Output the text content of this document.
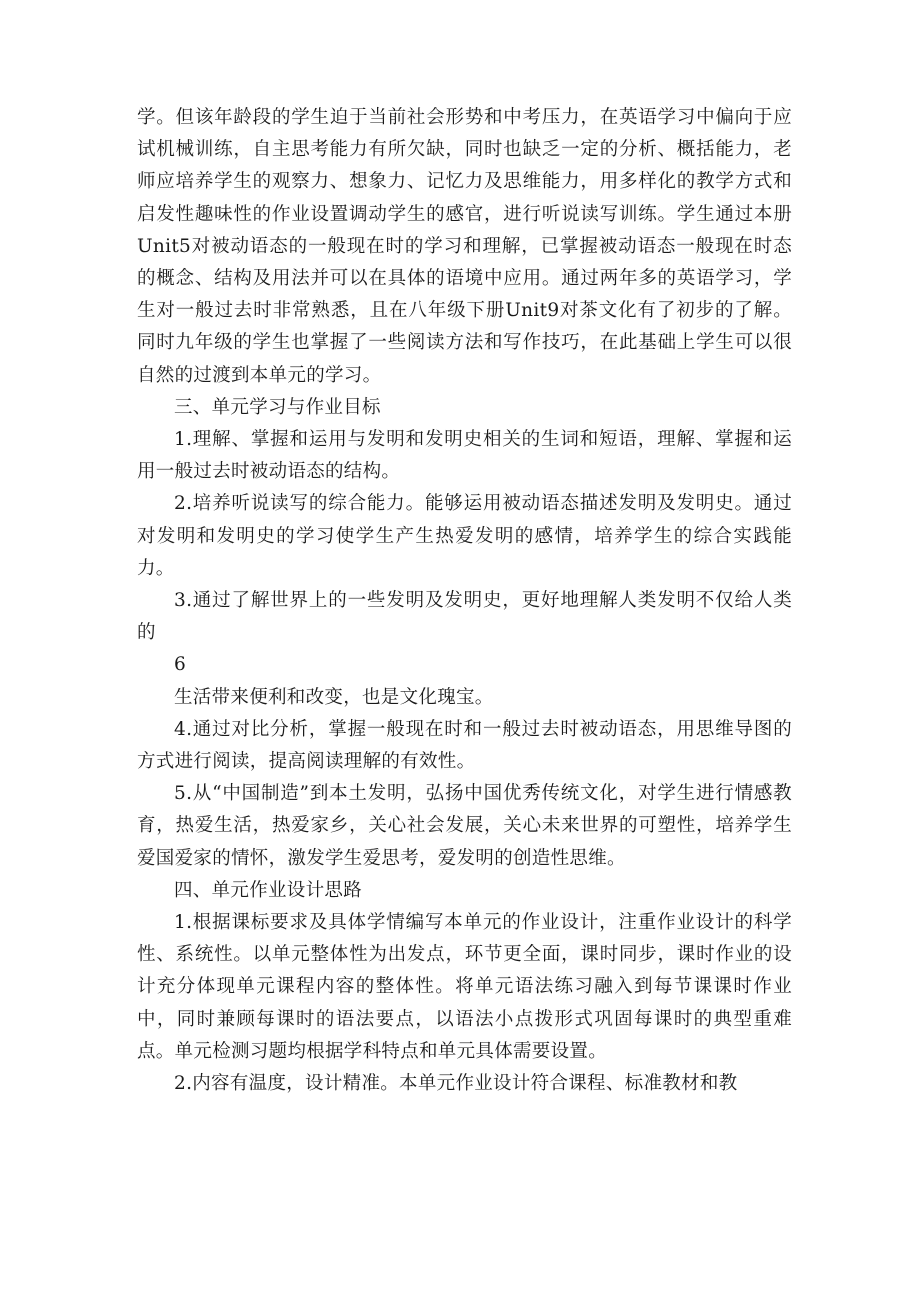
学。但该年龄段的学生迫于当前社会形势和中考压力，在英语学习中偏向于应试机械训练，自主思考能力有所欠缺，同时也缺乏一定的分析、概括能力，老师应培养学生的观察力、想象力、记忆力及思维能力，用多样化的教学方式和启发性趣味性的作业设置调动学生的感官，进行听说读写训练。学生通过本册Unit5对被动语态的一般现在时的学习和理解，已掌握被动语态一般现在时态的概念、结构及用法并可以在具体的语境中应用。通过两年多的英语学习，学生对一般过去时非常熟悉，且在八年级下册Unit9对茶文化有了初步的了解。同时九年级的学生也掌握了一些阅读方法和写作技巧，在此基础上学生可以很自然的过渡到本单元的学习。

三、单元学习与作业目标

1.理解、掌握和运用与发明和发明史相关的生词和短语，理解、掌握和运用一般过去时被动语态的结构。

2.培养听说读写的综合能力。能够运用被动语态描述发明及发明史。通过对发明和发明史的学习使学生产生热爱发明的感情，培养学生的综合实践能力。

3.通过了解世界上的一些发明及发明史，更好地理解人类发明不仅给人类的

6

生活带来便利和改变，也是文化瑰宝。

4.通过对比分析，掌握一般现在时和一般过去时被动语态，用思维导图的方式进行阅读，提高阅读理解的有效性。

5.从“中国制造”到本土发明，弘扬中国优秀传统文化，对学生进行情感教育，热爱生活，热爱家乡，关心社会发展，关心未来世界的可塑性，培养学生爱国爱家的情怀，激发学生爱思考，爱发明的创造性思维。

四、单元作业设计思路

1.根据课标要求及具体学情编写本单元的作业设计，注重作业设计的科学性、系统性。以单元整体性为出发点，环节更全面，课时同步，课时作业的设计充分体现单元课程内容的整体性。将单元语法练习融入到每节课课时作业中，同时兼顾每课时的语法要点，以语法小点拨形式巩固每课时的典型重难点。单元检测习题均根据学科特点和单元具体需要设置。

2.内容有温度，设计精准。本单元作业设计符合课程、标准教材和教
